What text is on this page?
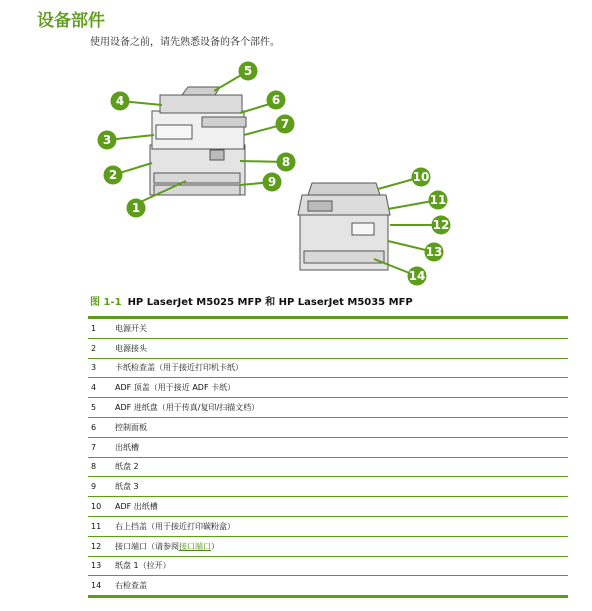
设备部件
使用设备之前，请先熟悉设备的各个部件。
1
2
3
4
5
6
7
8
9	10
11
12
13
14
图 1-1 HP LaserJet M5025 MFP 和 HP LaserJet M5035 MFP
1	电源开关
2	电源接头
3	卡纸检查盖（用于接近打印机卡纸）
4	ADF 顶盖（用于接近 ADF 卡纸）
5	ADF 进纸盘（用于传真/复印/扫描文档）
6	控制面板
7	出纸槽
8	纸盘 2
9	纸盘 3
10	ADF 出纸槽
11	右上挡盖（用于接近打印碳粉盒）
12	接口端口（请参阅接口端口）
13	纸盘 1（拉开）
14	右检查盖
